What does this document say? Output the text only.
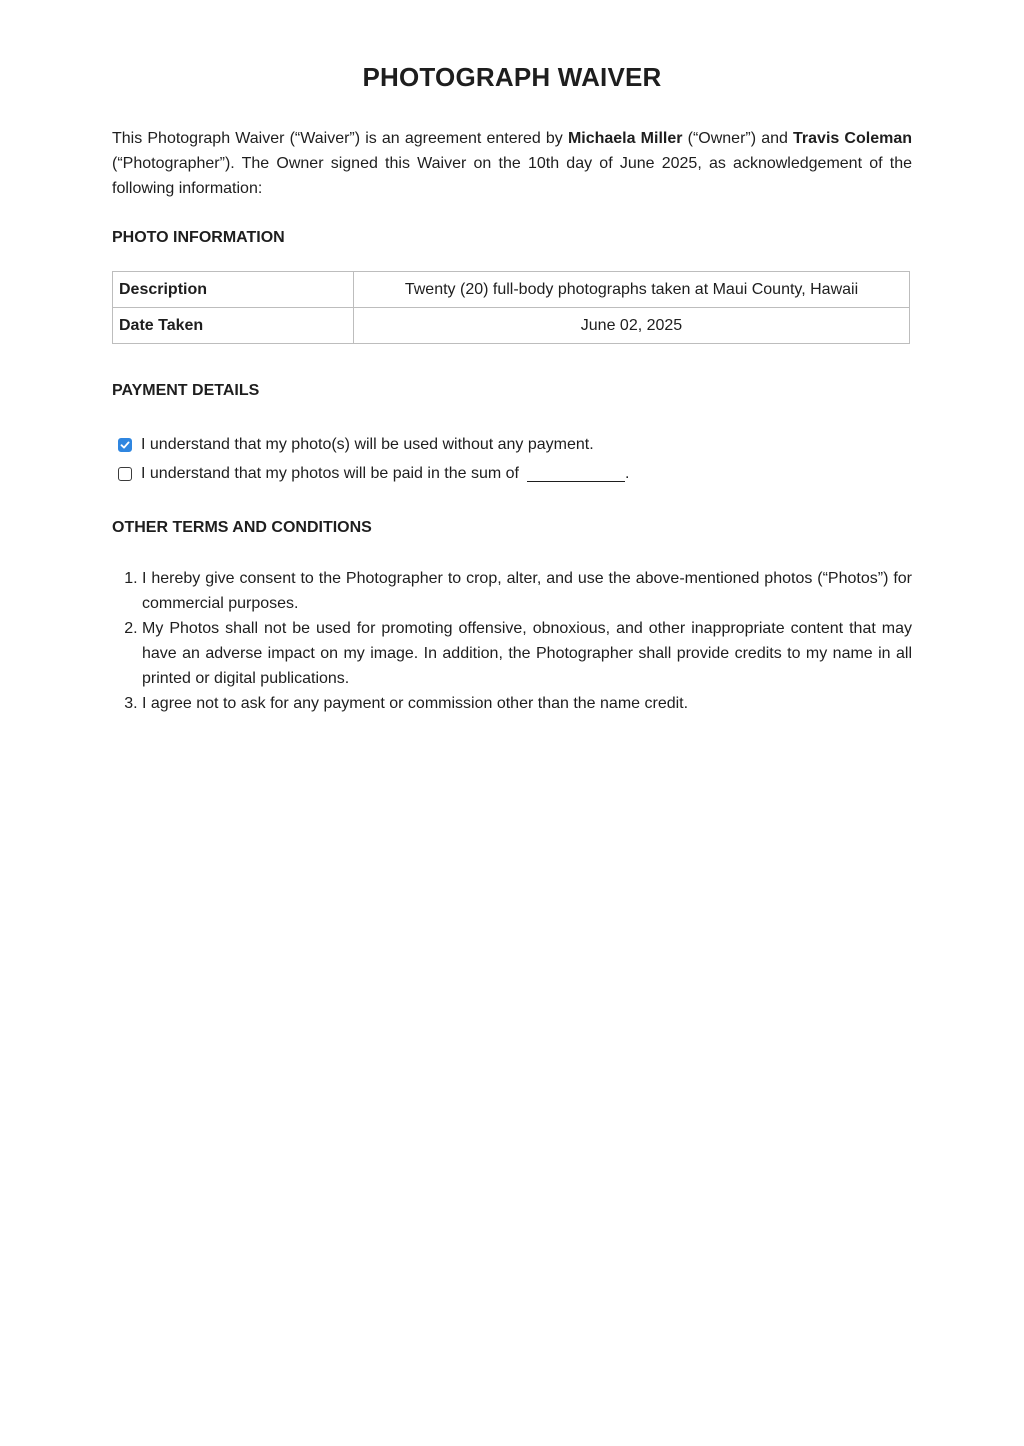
PHOTOGRAPH WAIVER

This Photograph Waiver (“Waiver”) is an agreement entered by Michaela Miller (“Owner”) and Travis Coleman (“Photographer”). The Owner signed this Waiver on the 10th day of June 2025, as acknowledgement of the following information:

PHOTO INFORMATION
Description	Twenty (20) full-body photographs taken at Maui County, Hawaii
Date Taken	June 02, 2025
PAYMENT DETAILS
I understand that my photo(s) will be used without any payment.
I understand that my photos will be paid in the sum of	.
OTHER TERMS AND CONDITIONS
1. I hereby give consent to the Photographer to crop, alter, and use the above-mentioned photos (“Photos”) for commercial purposes.
2. My Photos shall not be used for promoting offensive, obnoxious, and other inappropriate content that may have an adverse impact on my image. In addition, the Photographer shall provide credits to my name in all printed or digital publications.
3. I agree not to ask for any payment or commission other than the name credit.
